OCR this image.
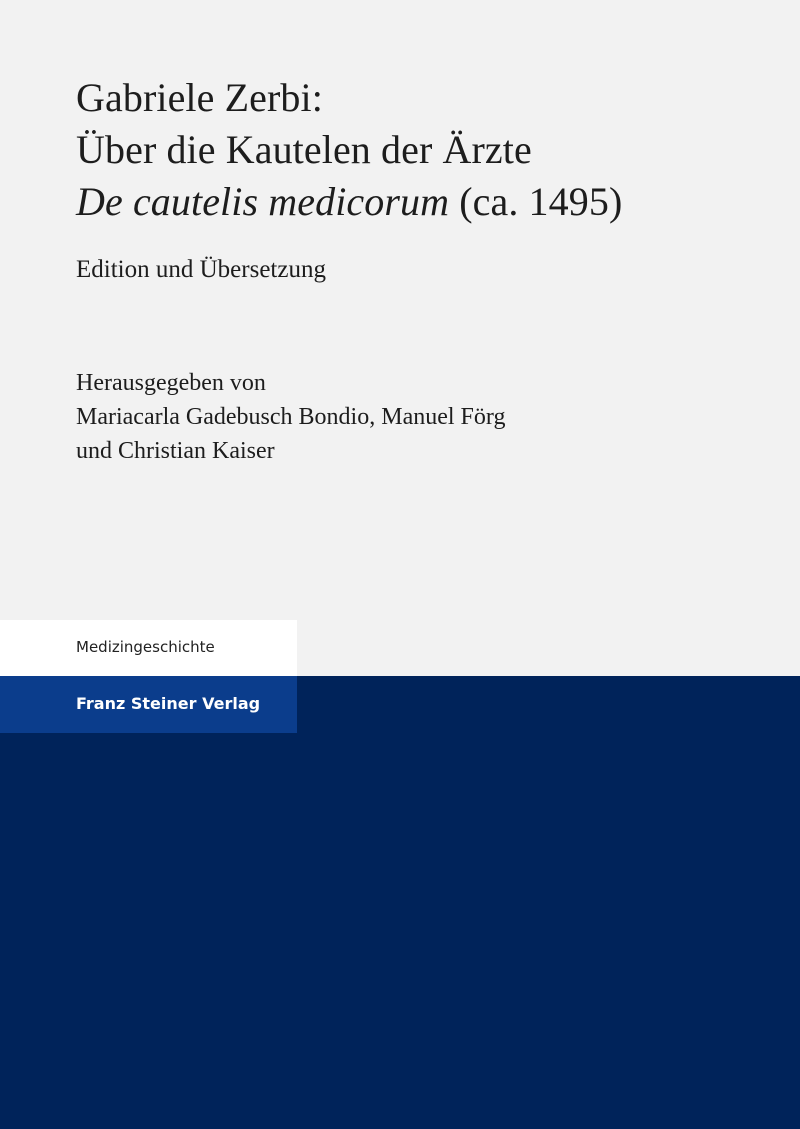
Gabriele Zerbi:
Über die Kautelen der Ärzte
De cautelis medicorum (ca. 1495)
Edition und Übersetzung
Herausgegeben von
Mariacarla Gadebusch Bondio, Manuel Förg
und Christian Kaiser
Medizingeschichte
Franz Steiner Verlag
